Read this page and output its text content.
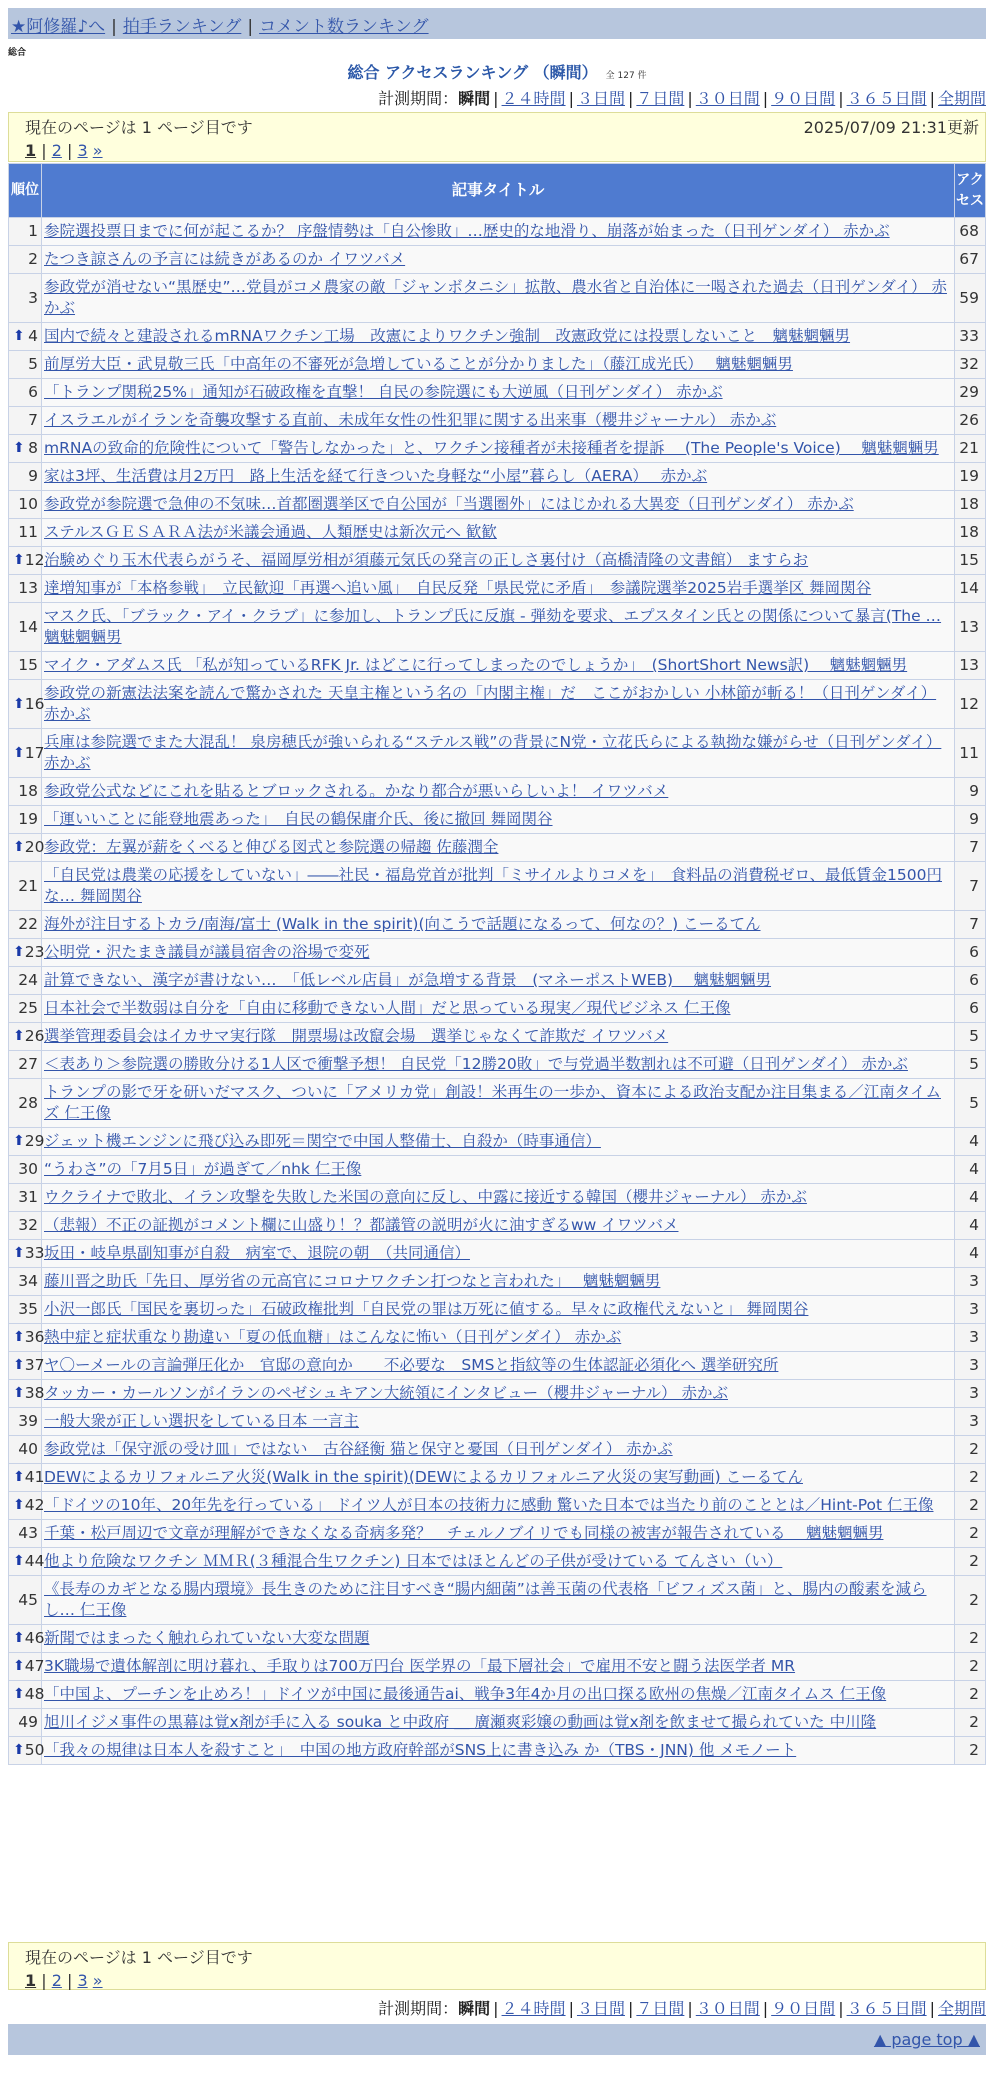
★阿修羅♪へ | 拍手ランキング | コメント数ランキング
総合
総合 アクセスランキング （瞬間） 全 127 件
計測期間：瞬間 | ２４時間 | ３日間 | ７日間 | ３０日間 | ９０日間 | ３６５日間 | 全期間
現在のページは 1 ページ目です	2025/07/09 21:31更新
1 | 2 | 3 »
順位	記事タイトル	アクセス
1	参院選投票日までに何が起こるか？ 序盤情勢は「自公惨敗」…歴史的な地滑り、崩落が始まった（日刊ゲンダイ） 赤かぶ	68
2	たつき諒さんの予言には続きがあるのか イワツバメ	67
3	参政党が消せない“黒歴史”…党員がコメ農家の敵「ジャンボタニシ」拡散、農水省と自治体に一喝された過去（日刊ゲンダイ） 赤かぶ	59

⬆ 4	国内で続々と建設されるmRNAワクチン工場　改憲によりワクチン強制　改憲政党には投票しないこと　魑魅魍魎男	33
5	前厚労大臣・武見敬三氏「中高年の不審死が急増していることが分かりました」（藤江成光氏）　 魑魅魍魎男	32
6	「トランプ関税25%」通知が石破政権を直撃！ 自民の参院選にも大逆風（日刊ゲンダイ） 赤かぶ	29
7	イスラエルがイランを奇襲攻撃する直前、未成年女性の性犯罪に関する出来事（櫻井ジャーナル） 赤かぶ	26

⬆ 8	mRNAの致命的危険性について「警告しなかった」と、ワクチン接種者が未接種者を提訴　 (The People's Voice)　 魑魅魍魎男	21
9	家は3坪、生活費は月2万円　路上生活を経て行きついた身軽な“小屋”暮らし（AERA）　 赤かぶ	19
10	参政党が参院選で急伸の不気味…首都圏選挙区で自公国が「当選圏外」にはじかれる大異変（日刊ゲンダイ） 赤かぶ	18
11	ステルスＧＥＳＡＲＡ法が米議会通過、人類歴史は新次元へ 歓歓	18

⬆ 12	治験めぐり玉木代表らがうそ、福岡厚労相が須藤元気氏の発言の正しさ裏付け（高橋清隆の文書館） ますらお	15
13	達増知事が「本格参戦」　立民歓迎「再選へ追い風」　自民反発「県民党に矛盾」　参議院選挙2025岩手選挙区 舞岡関谷	14
14	マスク氏、「ブラック・アイ・クラブ」に参加し、トランプ氏に反旗 - 弾劾を要求、エプスタイン氏との関係について暴言(The … 魑魅魍魎男	13
15	マイク・アダムス氏 「私が知っているRFK Jr. はどこに行ってしまったのでしょうか」　(ShortShort News訳)　 魑魅魍魎男	13

⬆ 16	参政党の新憲法法案を読んで驚かされた 天皇主権という名の「内閣主権」だ　ここがおかしい 小林節が斬る！（日刊ゲンダイ） 赤かぶ	12

⬆ 17	兵庫は参院選でまた大混乱！ 泉房穂氏が強いられる“ステルス戦”の背景にN党・立花氏らによる執拗な嫌がらせ（日刊ゲンダイ） 赤かぶ	11
18	参政党公式などにこれを貼るとブロックされる。かなり都合が悪いらしいよ！ イワツバメ	9
19	「運いいことに能登地震あった」　自民の鶴保庸介氏、後に撤回 舞岡関谷	9

⬆ 20	参政党：左翼が薪をくべると伸びる図式と参院選の帰趨 佐藤潤全	7
21	「自民党は農業の応援をしていない」――社民・福島党首が批判「ミサイルよりコメを」　食料品の消費税ゼロ、最低賃金1500円な… 舞岡関谷	7
22	海外が注目するトカラ/南海/富士 (Walk in the spirit)(向こうで話題になるって、何なの？) こーるてん	7

⬆ 23	公明党・沢たまき議員が議員宿舎の浴場で変死	6
24	計算できない、漢字が書けない…　「低レベル店員」が急増する背景　(マネーポストWEB)　 魑魅魍魎男	6
25	日本社会で半数弱は自分を「自由に移動できない人間」だと思っている現実／現代ビジネス 仁王像	6

⬆ 26	選挙管理委員会はイカサマ実行隊　開票場は改竄会場　選挙じゃなくて詐欺だ イワツバメ	5
27	＜表あり＞参院選の勝敗分ける1人区で衝撃予想！ 自民党「12勝20敗」で与党過半数割れは不可避（日刊ゲンダイ） 赤かぶ	5
28	トランプの影で牙を研いだマスク、ついに「アメリカ党」創設！米再生の一歩か、資本による政治支配か注目集まる／江南タイムズ 仁王像	5

⬆ 29	ジェット機エンジンに飛び込み即死＝関空で中国人整備士、自殺か（時事通信）	4
30	“うわさ”の「7月5日」が過ぎて／nhk 仁王像	4
31	ウクライナで敗北、イラン攻撃を失敗した米国の意向に反し、中露に接近する韓国（櫻井ジャーナル） 赤かぶ	4
32	（悲報）不正の証拠がコメント欄に山盛り！？都議管の説明が火に油すぎるww イワツバメ	4

⬆ 33	坂田・岐阜県副知事が自殺　病室で、退院の朝　（共同通信）	4
34	藤川晋之助氏「先日、厚労省の元高官にコロナワクチン打つなと言われた」　 魑魅魍魎男	3
35	小沢一郎氏「国民を裏切った」石破政権批判「自民党の罪は万死に値する。早々に政権代えないと」 舞岡関谷	3

⬆ 36	熱中症と症状重なり勘違い「夏の低血糖」はこんなに怖い（日刊ゲンダイ） 赤かぶ	3

⬆ 37	ヤ〇ーメールの言論弾圧化か　官邸の意向か　　不必要な　SMSと指紋等の生体認証必須化へ 選挙研究所	3

⬆ 38	タッカー・カールソンがイランのペゼシュキアン大統領にインタビュー（櫻井ジャーナル） 赤かぶ	3
39	一般大衆が正しい選択をしている日本 一言主	3
40	参政党は「保守派の受け皿」ではない　古谷経衡 猫と保守と憂国（日刊ゲンダイ） 赤かぶ	2

⬆ 41	DEWによるカリフォルニア火災(Walk in the spirit)(DEWによるカリフォルニア火災の実写動画) こーるてん	2

⬆ 42	「ドイツの10年、20年先を行っている」 ドイツ人が日本の技術力に感動 驚いた日本では当たり前のこととは／Hint-Pot 仁王像	2
43	千葉・松戸周辺で文章が理解ができなくなる奇病多発？　チェルノブイリでも同様の被害が報告されている　 魑魅魍魎男	2

⬆ 44	他より危険なワクチン ＭＭＲ(３種混合生ワクチン) 日本ではほとんどの子供が受けている てんさい（い）	2
45	《長寿のカギとなる腸内環境》長生きのために注目すべき“腸内細菌”は善玉菌の代表格「ビフィズス菌」と、腸内の酸素を減らし… 仁王像	2

⬆ 46	新聞ではまったく触れられていない大変な問題	2

⬆ 47	3K職場で遺体解剖に明け暮れ、手取りは700万円台 医学界の「最下層社会」で雇用不安と闘う法医学者 MR	2

⬆ 48	「中国よ、プーチンを止めろ！」ドイツが中国に最後通告ai、戦争3年4か月の出口探る欧州の焦燥／江南タイムス 仁王像	2
49	旭川イジメ事件の黒幕は覚x剤が手に入る souka と中政府 ＿ 廣瀬爽彩嬢の動画は覚x剤を飲ませて撮られていた 中川隆	2

⬆ 50	「我々の規律は日本人を殺すこと」　中国の地方政府幹部がSNS上に書き込み か（TBS・JNN) 他 メモノート	2
現在のページは 1 ページ目です
1 | 2 | 3 »
計測期間：瞬間 | ２４時間 | ３日間 | ７日間 | ３０日間 | ９０日間 | ３６５日間 | 全期間
▲ page top ▲
